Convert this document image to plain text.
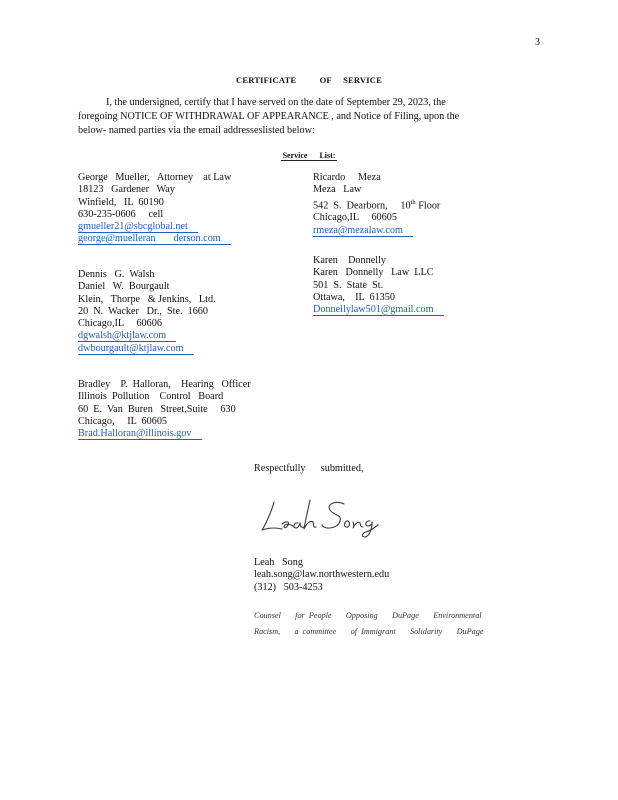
3
CERTIFICATE          OF     SERVICE

I, the undersigned, certify that I have served on the date of September 29, 2023, the

foregoing NOTICE OF WITHDRAWAL OF APPEARANCE , and Notice of Filing, upon the

below- named parties via the email addresseslisted below:

Service      List:
George   Mueller,   Attorney    at Law
18123   Gardener   Way
Winfield,   IL  60190
630-235-0606     cell
gmueller21@sbcglobal.net
george@muelleran       derson.com
Dennis   G.  Walsh
Daniel   W.  Bourgault
Klein,   Thorpe   & Jenkins,   Ltd.
20  N.  Wacker   Dr.,  Ste.  1660
Chicago,IL     60606
dgwalsh@ktjlaw.com
dwbourgault@ktjlaw.com
Bradley    P.  Halloran,    Hearing   Officer
Illinois  Pollution    Control   Board
60  E.  Van  Buren   Street,Suite     630
Chicago,     IL  60605
Brad.Halloran@illinois.gov
Ricardo     Meza
Meza   Law
542  S.  Dearborn,     10th Floor
Chicago,IL     60605
rmeza@mezalaw.com
Karen    Donnelly
Karen   Donnelly   Law  LLC
501  S.  State  St.
Ottawa,    IL  61350
Donnellylaw501@gmail.com
Respectfully      submitted,
Leah   Song
leah.song@law.northwestern.edu
(312)   503-4253
Counsel       for  People       Opposing       DuPage       Environmental
Racism,       a  committee       of  Immigrant       Solidarity       DuPage
